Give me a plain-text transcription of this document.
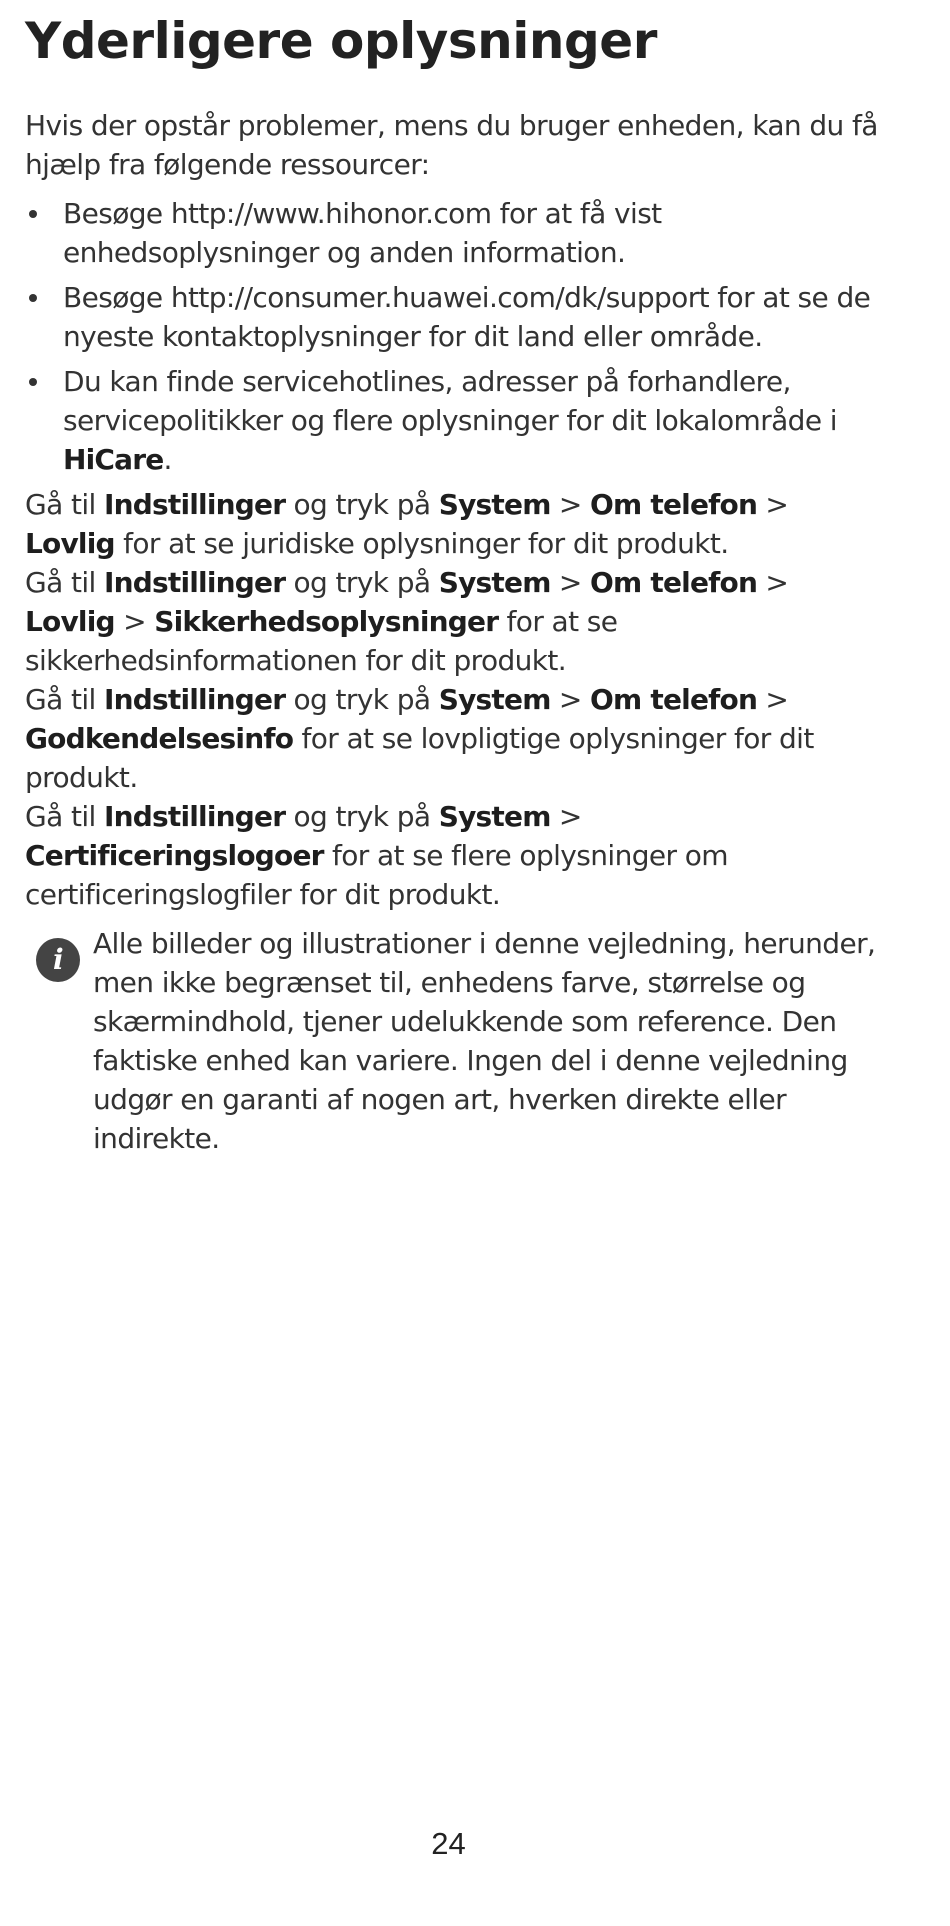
Yderligere oplysninger

Hvis der opstår problemer, mens du bruger enheden, kan du få hjælp fra følgende ressourcer:

Besøge http://www.hihonor.com for at få vist enhedsoplysninger og anden information.
Besøge http://consumer.huawei.com/dk/support for at se de nyeste kontaktoplysninger for dit land eller område.
Du kan finde servicehotlines, adresser på forhandlere, servicepolitikker og flere oplysninger for dit lokalområde i HiCare.

Gå til Indstillinger og tryk på System > Om telefon > Lovlig for at se juridiske oplysninger for dit produkt.

Gå til Indstillinger og tryk på System > Om telefon > Lovlig > Sikkerhedsoplysninger for at se sikkerhedsinformationen for dit produkt.

Gå til Indstillinger og tryk på System > Om telefon > Godkendelsesinfo for at se lovpligtige oplysninger for dit produkt.

Gå til Indstillinger og tryk på System > Certificeringslogoer for at se flere oplysninger om certificeringslogfiler for dit produkt.

i	Alle billeder og illustrationer i denne vejledning, herunder, men ikke begrænset til, enhedens farve, størrelse og skærmindhold, tjener udelukkende som reference. Den faktiske enhed kan variere. Ingen del i denne vejledning udgør en garanti af nogen art, hverken direkte eller indirekte.

24
